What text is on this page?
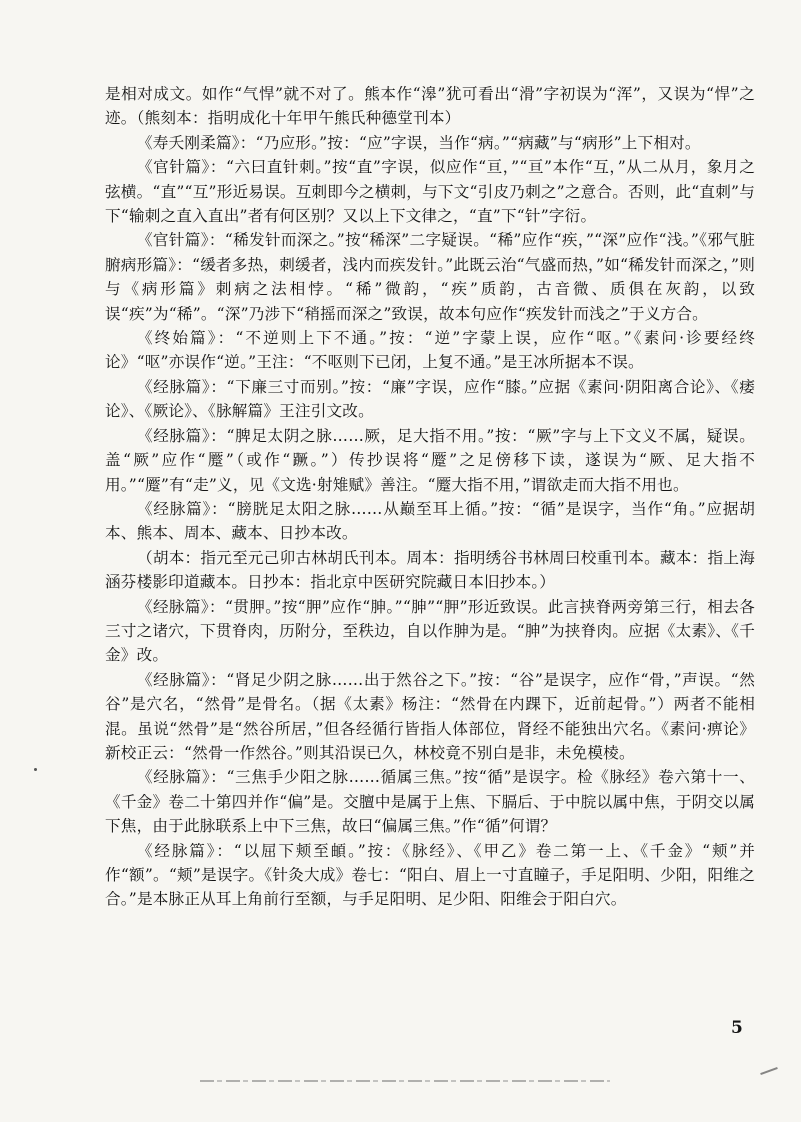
是相对成文。如作“气悍”就不对了。熊本作“滜”犹可看出“滑”字初误为“浑”，又误为“悍”之迹。（熊刻本：指明成化十年甲午熊氏种德堂刊本）

《寿夭刚柔篇》：“乃应形。”按：“应”字误，当作“病。”“病藏”与“病形”上下相对。

《官针篇》：“六曰直针刺。”按“直”字误，似应作“亘，”“亘”本作“互，”从二从月，象月之弦横。“直”“互”形近易误。互刺即今之横刺，与下文“引皮乃刺之”之意合。否则，此“直刺”与下“输刺之直入直出”者有何区别？又以上下文律之，“直”下“针”字衍。

《官针篇》：“稀发针而深之。”按“稀深”二字疑误。“稀”应作“疾，”“深”应作“浅。”《邪气脏腑病形篇》：“缓者多热，刺缓者，浅内而疾发针。”此既云治“气盛而热，”如“稀发针而深之，”则与《病形篇》刺病之法相悖。“稀”微韵，“疾”质韵，古音微、质俱在灰韵，以致误“疾”为“稀”。“深”乃涉下“稍摇而深之”致误，故本句应作“疾发针而浅之”于义方合。

《终始篇》：“不逆则上下不通。”按：“逆”字蒙上误，应作“呕。”《素问·诊要经终论》“呕”亦误作“逆。”王注：“不呕则下已闭，上复不通。”是王冰所据本不误。

《经脉篇》：“下廉三寸而别。”按：“廉”字误，应作“膝。”应据《素问·阴阳离合论》、《痿论》、《厥论》、《脉解篇》王注引文改。

《经脉篇》：“脾足太阴之脉……厥，足大指不用。”按：“厥”字与上下文义不属，疑误。盖“厥”应作“蹷”（或作“蹶。”）传抄误将“蹷”之足傍移下读，遂误为“厥、足大指不用。”“蹷”有“走”义，见《文选·射雉赋》善注。“蹷大指不用，”谓欲走而大指不用也。

《经脉篇》：“膀胱足太阳之脉……从巅至耳上循。”按：“循”是误字，当作“角。”应据胡本、熊本、周本、藏本、日抄本改。

（胡本：指元至元己卯古林胡氏刊本。周本：指明绣谷书林周曰校重刊本。藏本：指上海涵芬楼影印道藏本。日抄本：指北京中医研究院藏日本旧抄本。）

《经脉篇》：“贯胛。”按“胛”应作“胂。”“胂”“胛”形近致误。此言挟脊两旁第三行，相去各三寸之诸穴，下贯脊肉，历附分，至秩边，自以作胂为是。“胂”为挟脊肉。应据《太素》、《千金》改。

《经脉篇》：“肾足少阴之脉……出于然谷之下。”按：“谷”是误字，应作“骨，”声误。“然谷”是穴名，“然骨”是骨名。（据《太素》杨注：“然骨在内踝下，近前起骨。”）两者不能相混。虽说“然骨”是“然谷所居，”但各经循行皆指人体部位，肾经不能独出穴名。《素问·痹论》新校正云：“然骨一作然谷。”则其沿误已久，林校竟不别白是非，未免模棱。

《经脉篇》：“三焦手少阳之脉……循属三焦。”按“循”是误字。检《脉经》卷六第十一、《千金》卷二十第四并作“偏”是。交膻中是属于上焦、下膈后、于中脘以属中焦，于阴交以属下焦，由于此脉联系上中下三焦，故曰“偏属三焦。”作“循”何谓？

《经脉篇》：“以屈下颊至頔。”按：《脉经》、《甲乙》卷二第一上、《千金》“颊”并作“额”。“颊”是误字。《针灸大成》卷七：“阳白、眉上一寸直瞳子，手足阳明、少阳，阳维之合。”是本脉正从耳上角前行至额，与手足阳明、足少阳、阳维会于阳白穴。

5
